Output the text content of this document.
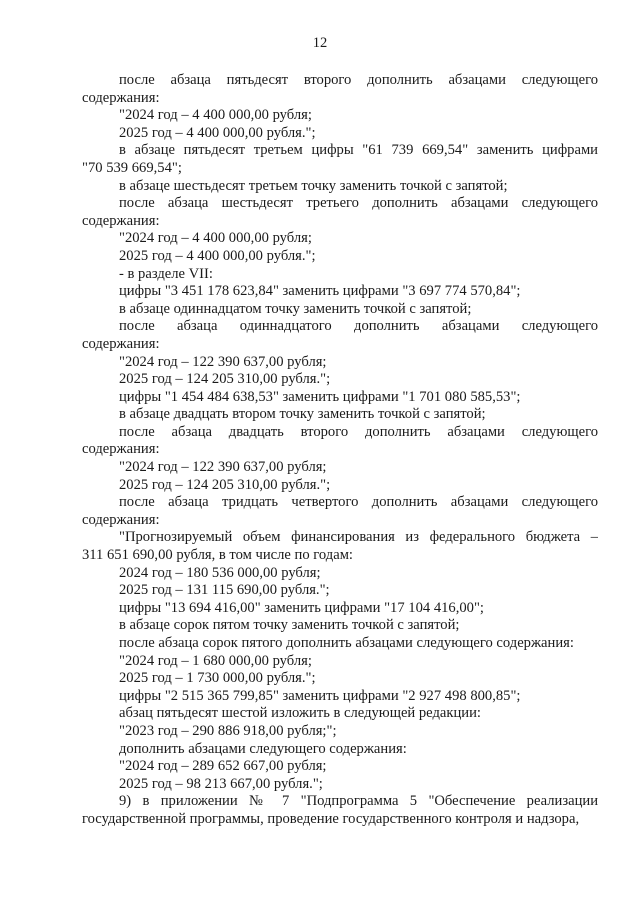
12
после абзаца пятьдесят второго дополнить абзацами следующего
содержания:
"2024 год – 4 400 000,00 рубля;
2025 год – 4 400 000,00 рубля.";
в абзаце пятьдесят третьем цифры "61 739 669,54" заменить цифрами
"70 539 669,54";
в абзаце шестьдесят третьем точку заменить точкой с запятой;
после абзаца шестьдесят третьего дополнить абзацами следующего
содержания:
"2024 год – 4 400 000,00 рубля;
2025 год – 4 400 000,00 рубля.";
- в разделе VII:
цифры "3 451 178 623,84" заменить цифрами "3 697 774 570,84";
в абзаце одиннадцатом точку заменить точкой с запятой;
после абзаца одиннадцатого дополнить абзацами следующего
содержания:
"2024 год – 122 390 637,00 рубля;
2025 год – 124 205 310,00 рубля.";
цифры "1 454 484 638,53" заменить цифрами "1 701 080 585,53";
в абзаце двадцать втором точку заменить точкой с запятой;
после абзаца двадцать второго дополнить абзацами следующего
содержания:
"2024 год – 122 390 637,00 рубля;
2025 год – 124 205 310,00 рубля.";
после абзаца тридцать четвертого дополнить абзацами следующего
содержания:
"Прогнозируемый объем финансирования из федерального бюджета –
311 651 690,00 рубля, в том числе по годам:
2024 год – 180 536 000,00 рубля;
2025 год – 131 115 690,00 рубля.";
цифры "13 694 416,00" заменить цифрами "17 104 416,00";
в абзаце сорок пятом точку заменить точкой с запятой;
после абзаца сорок пятого дополнить абзацами следующего содержания:
"2024 год – 1 680 000,00 рубля;
2025 год – 1 730 000,00 рубля.";
цифры "2 515 365 799,85" заменить цифрами "2 927 498 800,85";
абзац пятьдесят шестой изложить в следующей редакции:
"2023 год – 290 886 918,00 рубля;";
дополнить абзацами следующего содержания:
"2024 год – 289 652 667,00 рубля;
2025 год – 98 213 667,00 рубля.";
9) в приложении № 7 "Подпрограмма 5 "Обеспечение реализации
государственной программы, проведение государственного контроля и надзора,
